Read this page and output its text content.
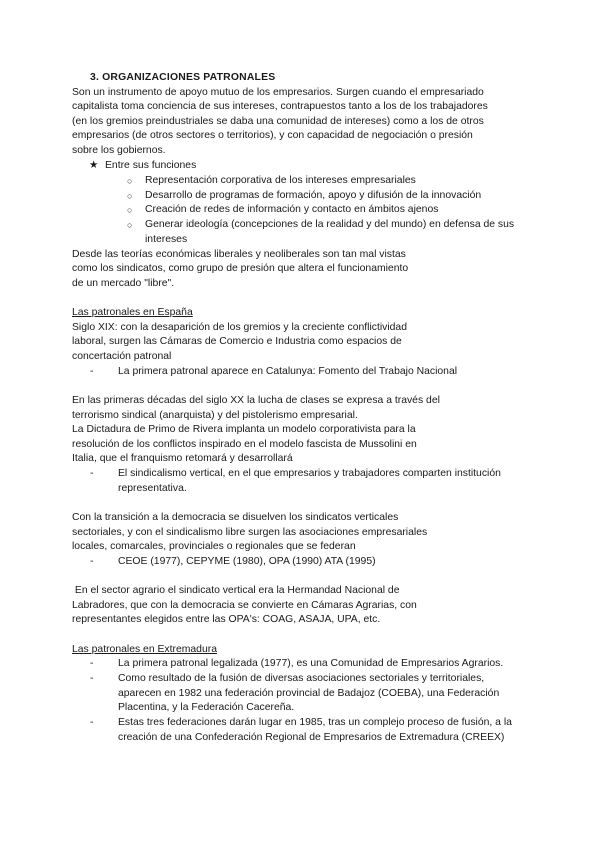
3. ORGANIZACIONES PATRONALES

Son un instrumento de apoyo mutuo de los empresarios. Surgen cuando el empresariado

capitalista toma conciencia de sus intereses, contrapuestos tanto a los de los trabajadores

(en los gremios preindustriales se daba una comunidad de intereses) como a los de otros

empresarios (de otros sectores o territorios), y con capacidad de negociación o presión

sobre los gobiernos.

★ Entre sus funciones
○	Representación corporativa de los intereses empresariales
○	Desarrollo de programas de formación, apoyo y difusión de la innovación
○	Creación de redes de información y contacto en ámbitos ajenos
○	Generar ideología (concepciones de la realidad y del mundo) en defensa de sus intereses

Desde las teorías económicas liberales y neoliberales son tan mal vistas

como los sindicatos, como grupo de presión que altera el funcionamiento

de un mercado "libre".

Las patronales en España

Siglo XIX: con la desaparición de los gremios y la creciente conflictividad

laboral, surgen las Cámaras de Comercio e Industria como espacios de

concertación patronal

-	La primera patronal aparece en Catalunya: Fomento del Trabajo Nacional

En las primeras décadas del siglo XX la lucha de clases se expresa a través del

terrorismo sindical (anarquista) y del pistolerismo empresarial.

La Dictadura de Primo de Rivera implanta un modelo corporativista para la

resolución de los conflictos inspirado en el modelo fascista de Mussolini en

Italia, que el franquismo retomará y desarrollará

-	El sindicalismo vertical, en el que empresarios y trabajadores comparten institución representativa.

Con la transición a la democracia se disuelven los sindicatos verticales

sectoriales, y con el sindicalismo libre surgen las asociaciones empresariales

locales, comarcales, provinciales o regionales que se federan

-	CEOE (1977), CEPYME (1980), OPA (1990) ATA (1995)

En el sector agrario el sindicato vertical era la Hermandad Nacional de

Labradores, que con la democracia se convierte en Cámaras Agrarias, con

representantes elegidos entre las OPA's: COAG, ASAJA, UPA, etc.

Las patronales en Extremadura

-	La primera patronal legalizada (1977), es una Comunidad de Empresarios Agrarios.
-	Como resultado de la fusión de diversas asociaciones sectoriales y territoriales, aparecen en 1982 una federación provincial de Badajoz (COEBA), una Federación Placentina, y la Federación Cacereña.
-	Estas tres federaciones darán lugar en 1985, tras un complejo proceso de fusión, a la creación de una Confederación Regional de Empresarios de Extremadura (CREEX)
